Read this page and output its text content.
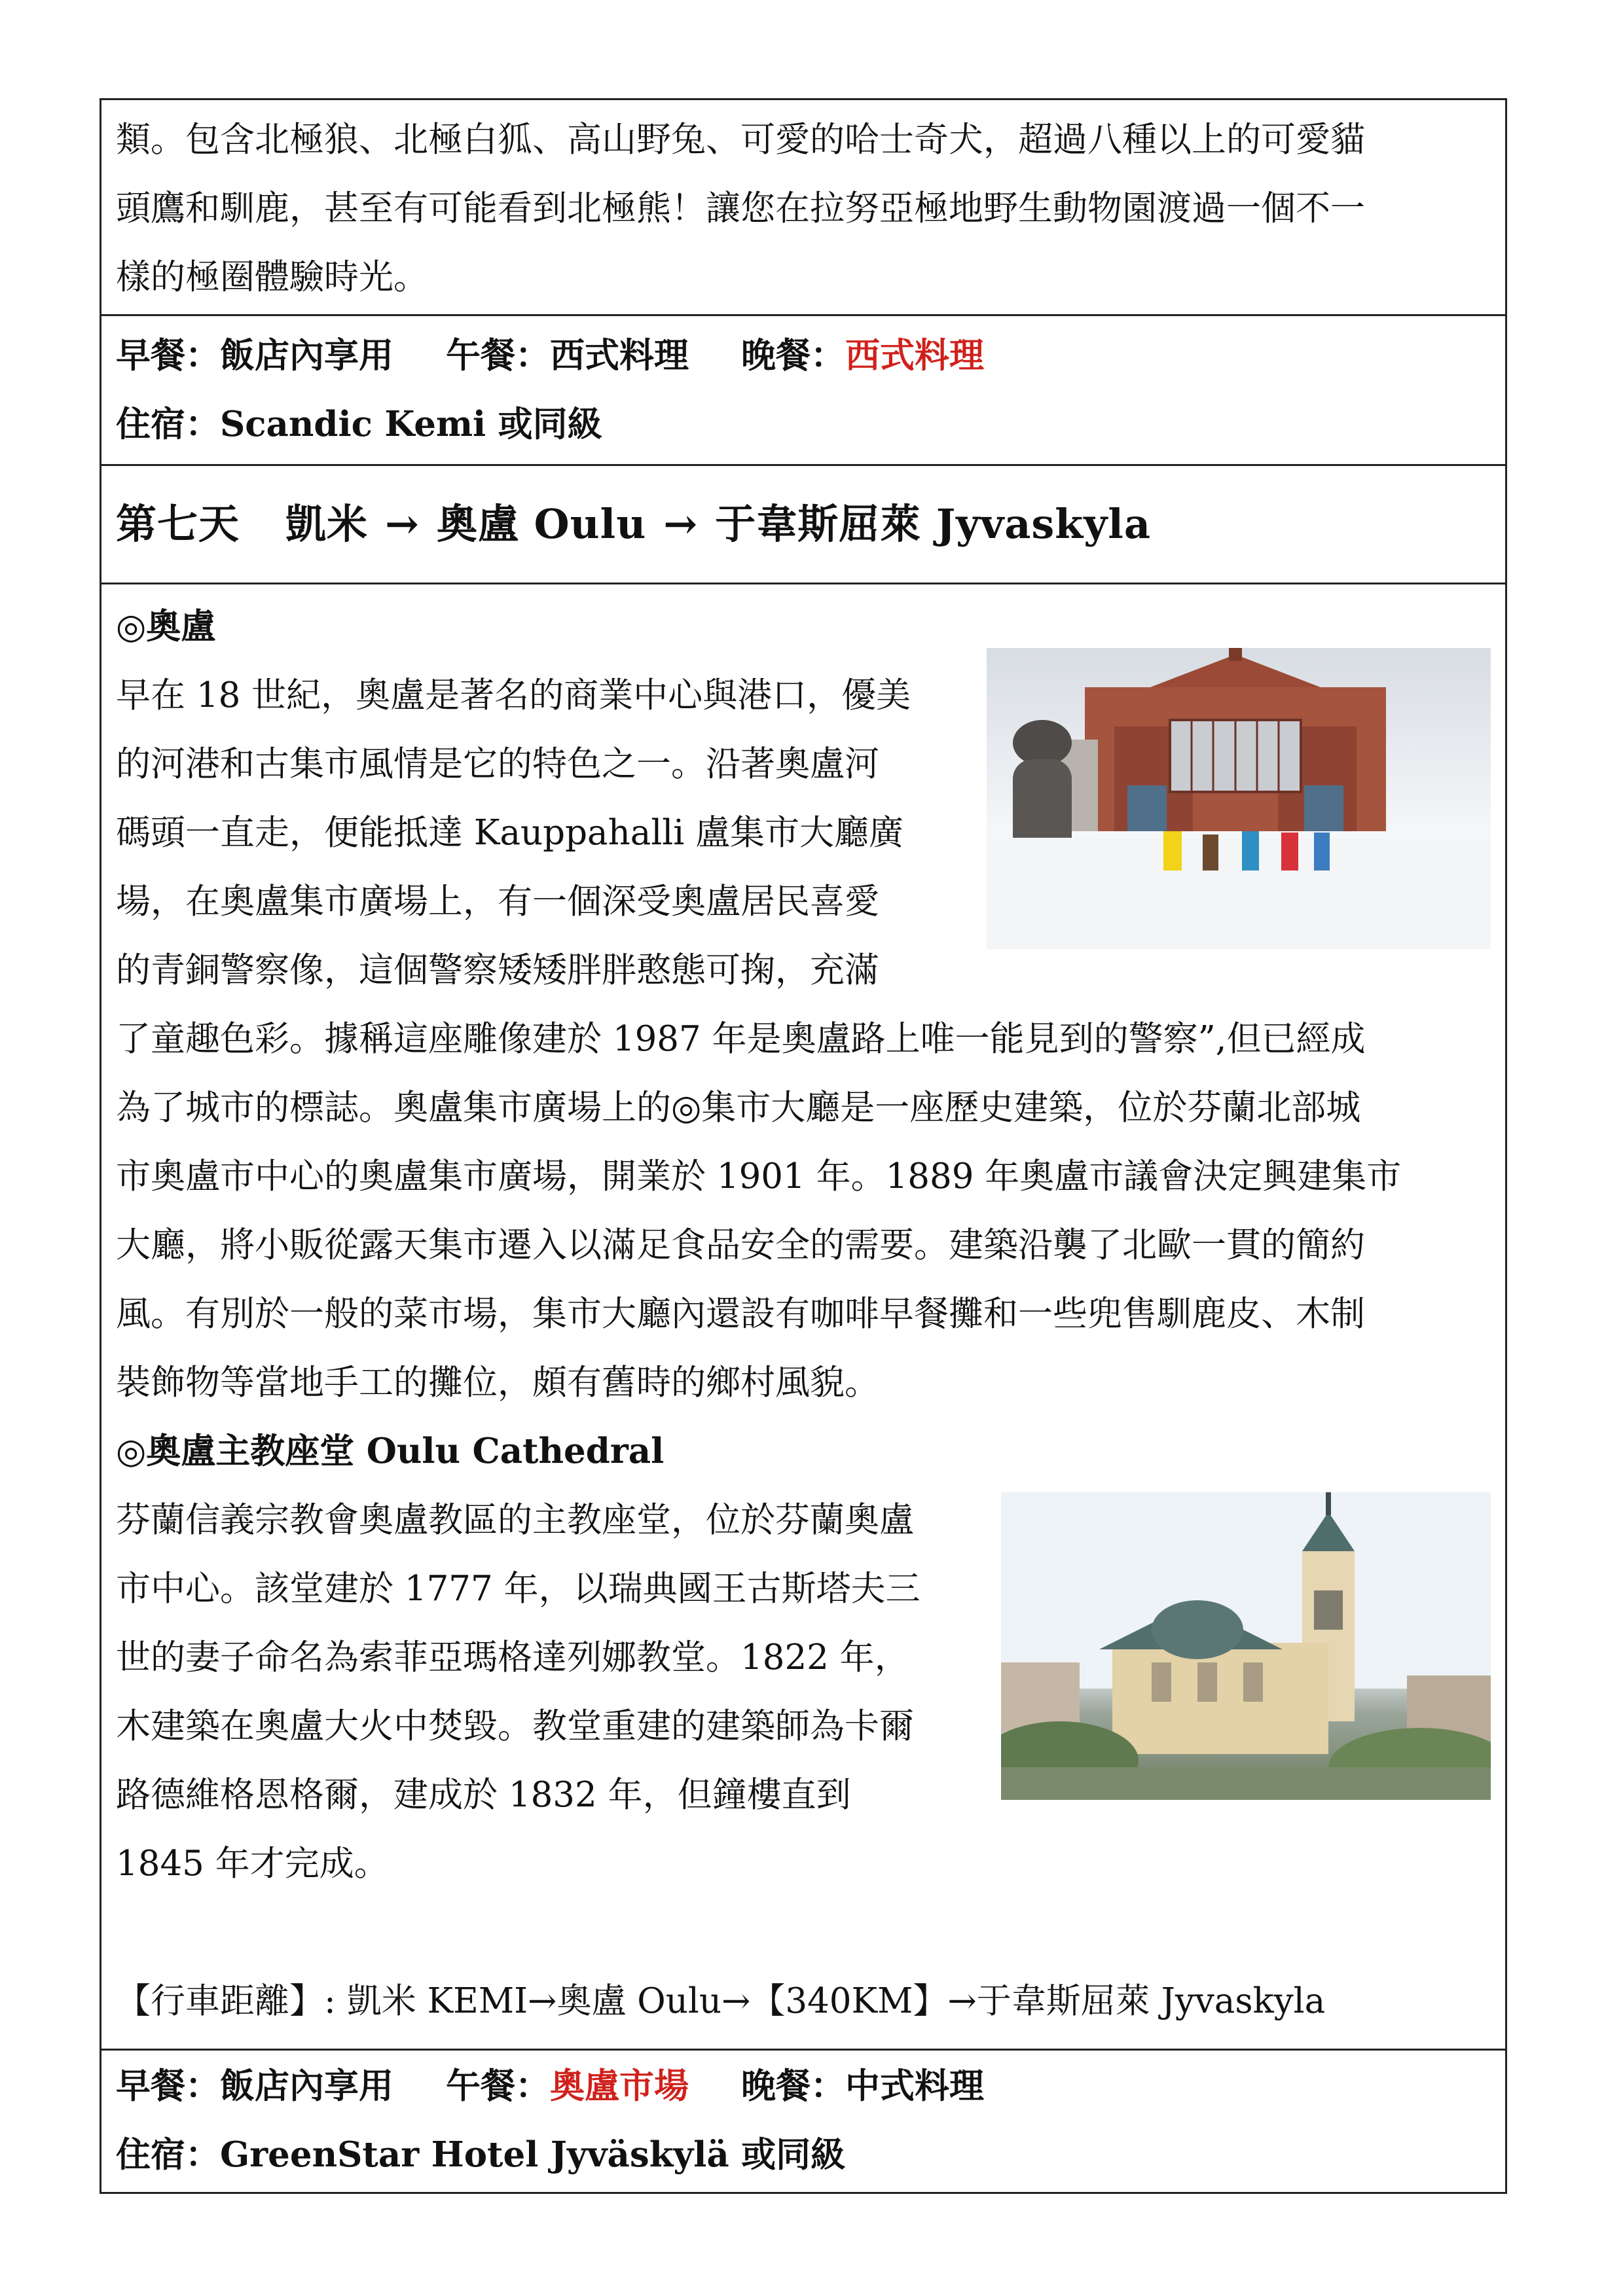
類。包含北極狼、北極白狐、高山野兔、可愛的哈士奇犬，超過八種以上的可愛貓
頭鷹和馴鹿，甚至有可能看到北極熊！讓您在拉努亞極地野生動物園渡過一個不一
樣的極圈體驗時光。
早餐：飯店內享用 午餐：西式料理 晚餐：西式料理
住宿：Scandic Kemi 或同級
第七天 凱米 → 奧盧 Oulu → 于韋斯屈萊 Jyvaskyla
◎奧盧
早在 18 世紀，奧盧是著名的商業中心與港口，優美
的河港和古集市風情是它的特色之一。沿著奧盧河
碼頭一直走，便能抵達 Kauppahalli 盧集市大廳廣
場，在奧盧集市廣場上，有一個深受奧盧居民喜愛
的青銅警察像，這個警察矮矮胖胖憨態可掬，充滿
了童趣色彩。據稱這座雕像建於 1987 年是奧盧路上唯一能見到的警察”,但已經成
為了城市的標誌。奧盧集市廣場上的◎集市大廳是一座歷史建築，位於芬蘭北部城
市奧盧市中心的奧盧集市廣場，開業於 1901 年。1889 年奧盧市議會決定興建集市
大廳，將小販從露天集市遷入以滿足食品安全的需要。建築沿襲了北歐一貫的簡約
風。有別於一般的菜市場，集市大廳內還設有咖啡早餐攤和一些兜售馴鹿皮、木制
裝飾物等當地手工的攤位，頗有舊時的鄉村風貌。
◎奧盧主教座堂 Oulu Cathedral
芬蘭信義宗教會奧盧教區的主教座堂，位於芬蘭奧盧
市中心。該堂建於 1777 年，以瑞典國王古斯塔夫三
世的妻子命名為索菲亞瑪格達列娜教堂。1822 年，
木建築在奧盧大火中焚毀。教堂重建的建築師為卡爾
路德維格恩格爾，建成於 1832 年，但鐘樓直到
1845 年才完成。
【行車距離】: 凱米 KEMI→奧盧 Oulu→【340KM】→于韋斯屈萊 Jyvaskyla
早餐：飯店內享用 午餐：奧盧市場 晚餐：中式料理
住宿：GreenStar Hotel Jyväskylä 或同級
